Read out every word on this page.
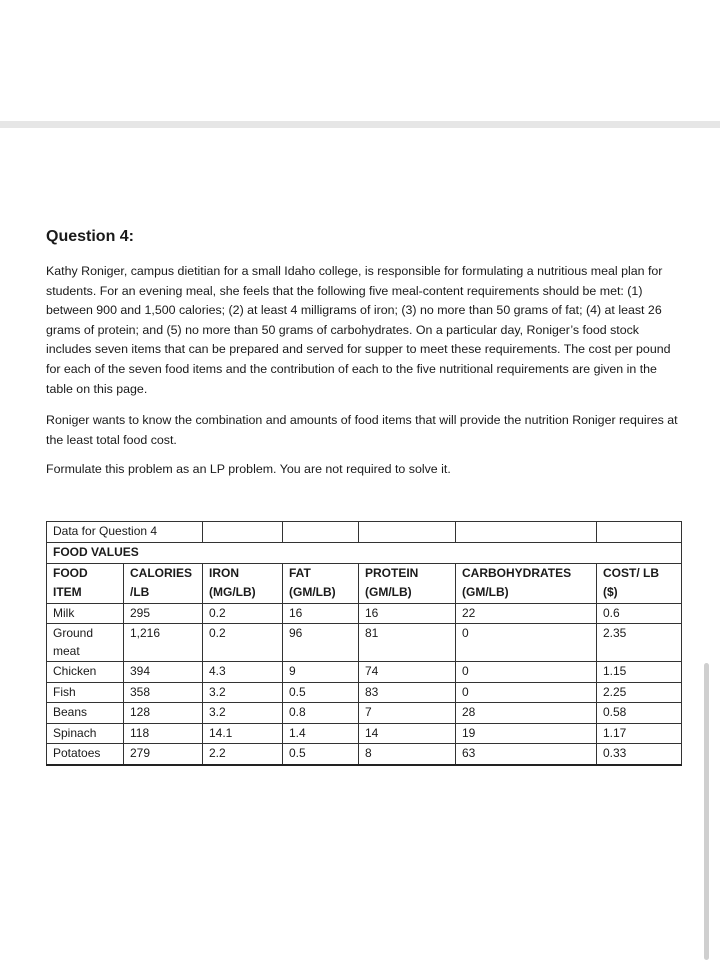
Question 4:

Kathy Roniger, campus dietitian for a small Idaho college, is responsible for formulating a nutritious meal plan for students. For an evening meal, she feels that the following five meal-content requirements should be met: (1) between 900 and 1,500 calories; (2) at least 4 milligrams of iron; (3) no more than 50 grams of fat; (4) at least 26 grams of protein; and (5) no more than 50 grams of carbohydrates. On a particular day, Roniger’s food stock includes seven items that can be prepared and served for supper to meet these requirements. The cost per pound for each of the seven food items and the contribution of each to the five nutritional requirements are given in the table on this page.

Roniger wants to know the combination and amounts of food items that will provide the nutrition Roniger requires at the least total food cost.

Formulate this problem as an LP problem. You are not required to solve it.

Data for Question 4						
FOOD VALUES						
FOOD	CALORIES	IRON	FAT	PROTEIN	CARBOHYDRATES	COST/ LB
ITEM	/LB	(MG/LB)	(GM/LB)	(GM/LB)	(GM/LB)	($)
Milk	295	0.2	16	16	22	0.6
Ground meat	1,216	0.2	96	81	0	2.35
Chicken	394	4.3	9	74	0	1.15
Fish	358	3.2	0.5	83	0	2.25
Beans	128	3.2	0.8	7	28	0.58
Spinach	118	14.1	1.4	14	19	1.17
Potatoes	279	2.2	0.5	8	63	0.33
